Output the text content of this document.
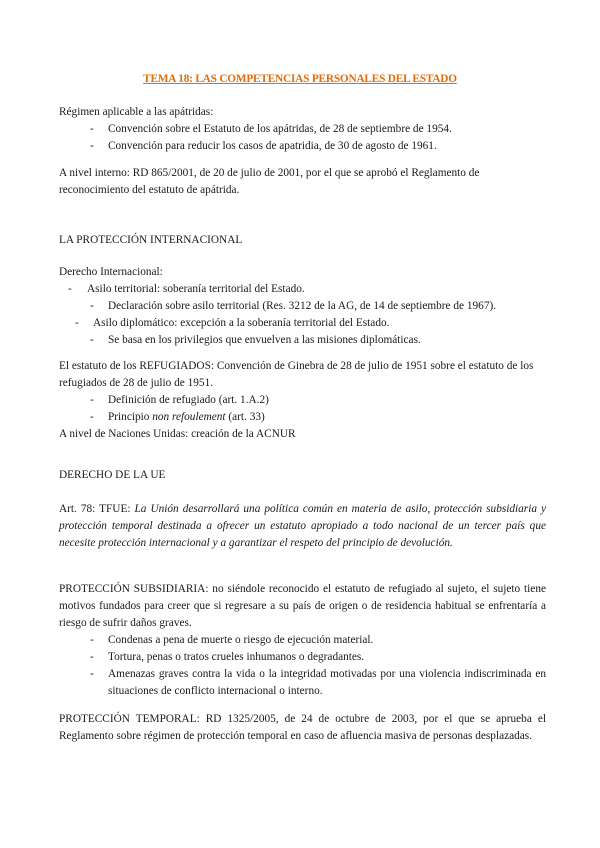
TEMA 18: LAS COMPETENCIAS PERSONALES DEL ESTADO

Régimen aplicable a las apátridas:

- Convención sobre el Estatuto de los apátridas, de 28 de septiembre de 1954.
- Convención para reducir los casos de apatridia, de 30 de agosto de 1961.

A nivel interno: RD 865/2001, de 20 de julio de 2001, por el que se aprobó el Reglamento de reconocimiento del estatuto de apátrida.

LA PROTECCIÓN INTERNACIONAL

Derecho Internacional:

- Asilo territorial: soberanía territorial del Estado.
- Declaración sobre asilo territorial (Res. 3212 de la AG, de 14 de septiembre de 1967).
- Asilo diplomático: excepción a la soberanía territorial del Estado.
- Se basa en los privilegios que envuelven a las misiones diplomáticas.

El estatuto de los REFUGIADOS: Convención de Ginebra de 28 de julio de 1951 sobre el estatuto de los refugiados de 28 de julio de 1951.

- Definición de refugiado (art. 1.A.2)
- Principio non refoulement (art. 33)

A nivel de Naciones Unidas: creación de la ACNUR

DERECHO DE LA UE

Art. 78: TFUE: La Unión desarrollará una política común en materia de asilo, protección subsidiaria y protección temporal destinada a ofrecer un estatuto apropiado a todo nacional de un tercer país que necesite protección internacional y a garantizar el respeto del principio de devolución.

PROTECCIÓN SUBSIDIARIA: no siéndole reconocido el estatuto de refugiado al sujeto, el sujeto tiene motivos fundados para creer que si regresare a su país de origen o de residencia habitual se enfrentaría a riesgo de sufrir daños graves.

- Condenas a pena de muerte o riesgo de ejecución material.
- Tortura, penas o tratos crueles inhumanos o degradantes.
- Amenazas graves contra la vida o la integridad motivadas por una violencia indiscriminada en situaciones de conflicto internacional o interno.

PROTECCIÓN TEMPORAL: RD 1325/2005, de 24 de octubre de 2003, por el que se aprueba el Reglamento sobre régimen de protección temporal en caso de afluencia masiva de personas desplazadas.
